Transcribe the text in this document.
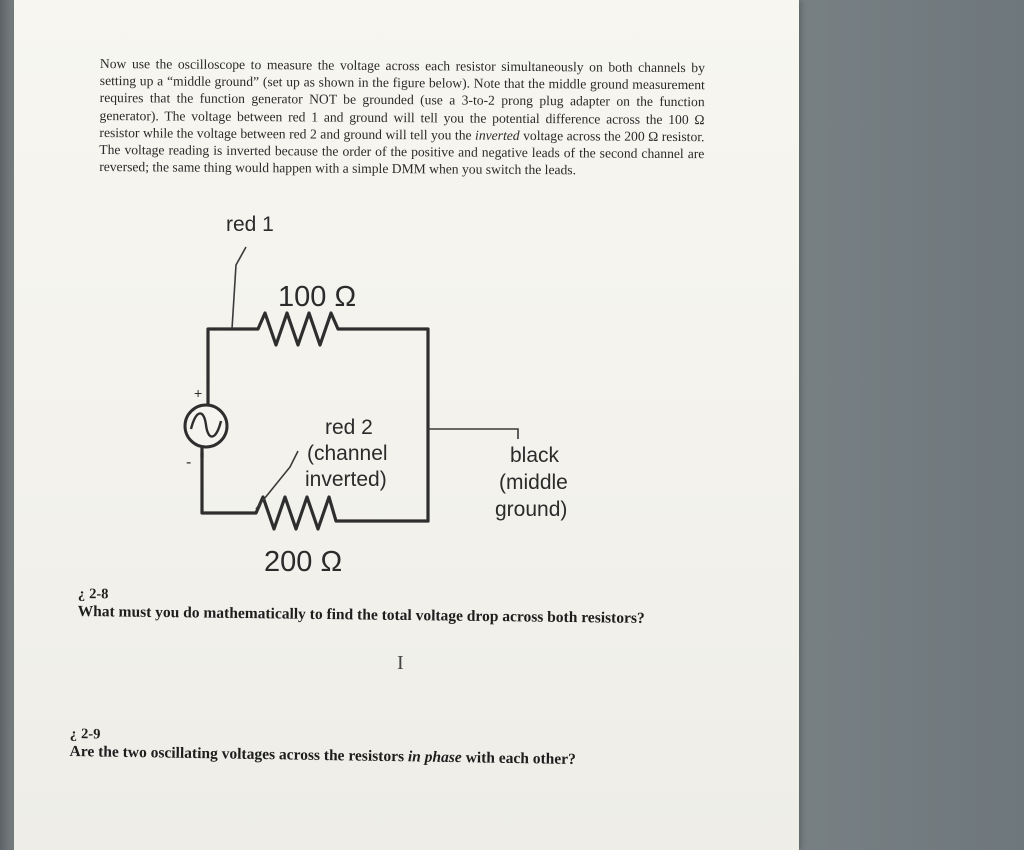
Now use the oscilloscope to measure the voltage across each resistor simultaneously on both channels by setting up a “middle ground” (set up as shown in the figure below). Note that the middle ground measurement requires that the function generator NOT be grounded (use a 3-to-2 prong plug adapter on the function generator). The voltage between red 1 and ground will tell you the potential difference across the 100 Ω resistor while the voltage between red 2 and ground will tell you the inverted voltage across the 200 Ω resistor. The voltage reading is inverted because the order of the positive and negative leads of the second channel are reversed; the same thing would happen with a simple DMM when you switch the leads.

+
-
red 1
100 Ω
red 2
(channel
inverted)
black
(middle
ground)
200 Ω
¿ 2-8
What must you do mathematically to find the total voltage drop across both resistors?
I
¿ 2-9
Are the two oscillating voltages across the resistors in phase with each other?
